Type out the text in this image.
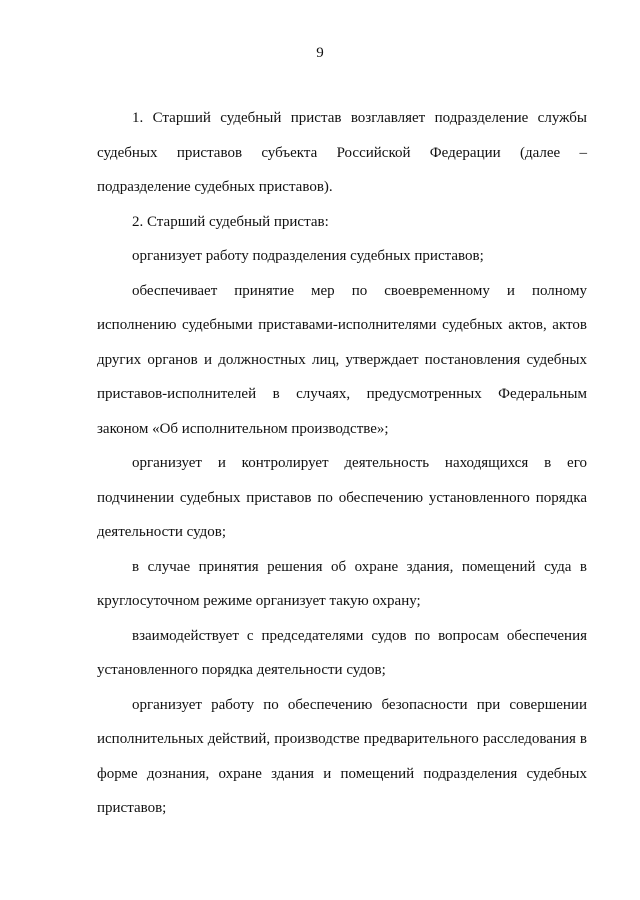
9

1. Старший судебный пристав возглавляет подразделение службы судебных приставов субъекта Российской Федерации (далее – подразделение судебных приставов).

2. Старший судебный пристав:

организует работу подразделения судебных приставов;

обеспечивает принятие мер по своевременному и полному исполнению судебными приставами-исполнителями судебных актов, актов других органов и должностных лиц, утверждает постановления судебных приставов-исполнителей в случаях, предусмотренных Федеральным законом «Об исполнительном производстве»;

организует и контролирует деятельность находящихся в его подчинении судебных приставов по обеспечению установленного порядка деятельности судов;

в случае принятия решения об охране здания, помещений суда в круглосуточном режиме организует такую охрану;

взаимодействует с председателями судов по вопросам обеспечения установленного порядка деятельности судов;

организует работу по обеспечению безопасности при совершении исполнительных действий, производстве предварительного расследования в форме дознания, охране здания и помещений подразделения судебных приставов;
